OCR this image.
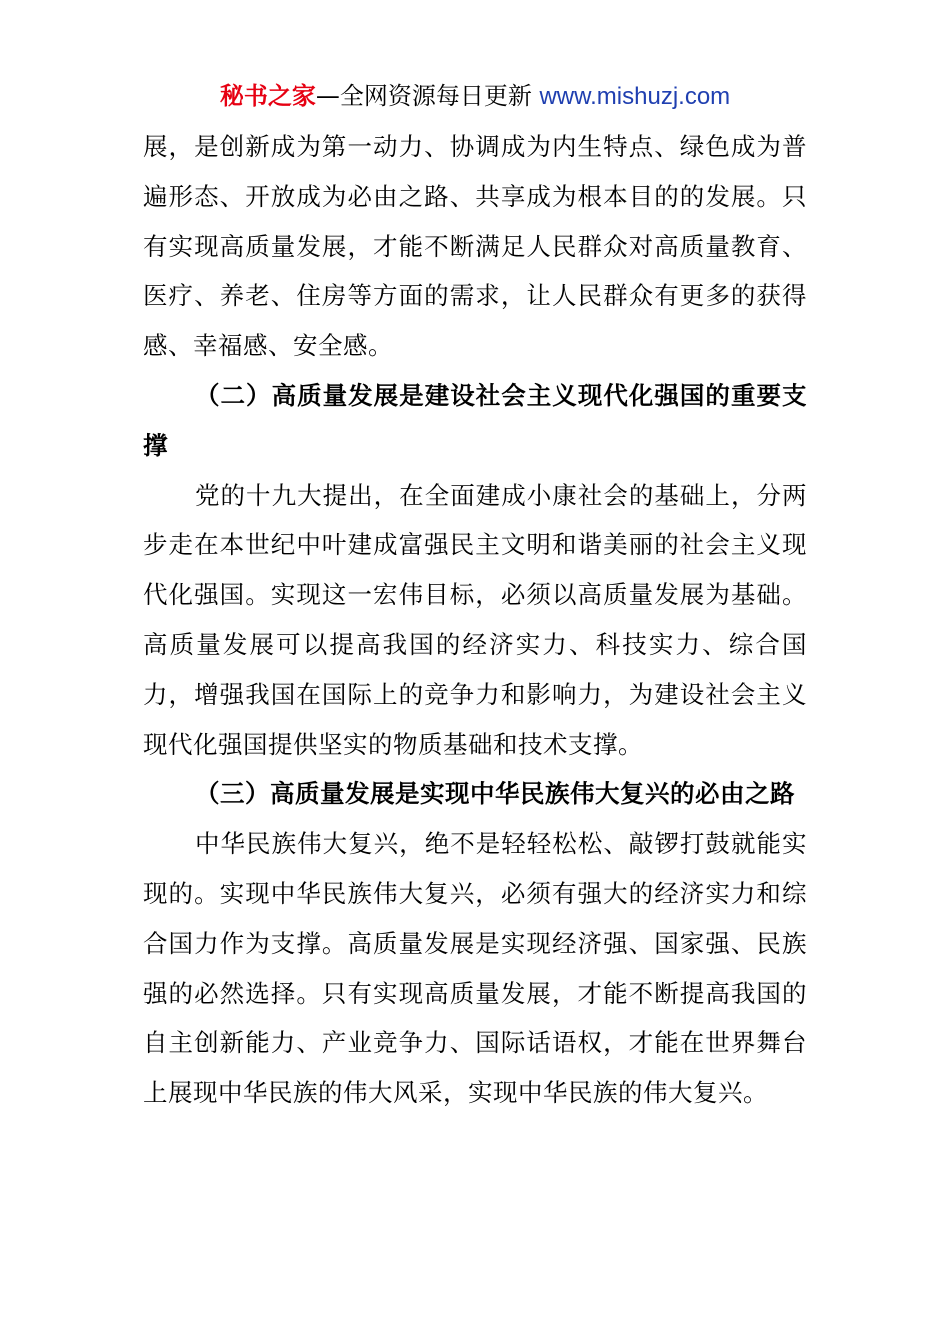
秘书之家—全网资源每日更新 www.mishuzj.com

展，是创新成为第一动力、协调成为内生特点、绿色成为普遍形态、开放成为必由之路、共享成为根本目的的发展。只有实现高质量发展，才能不断满足人民群众对高质量教育、医疗、养老、住房等方面的需求，让人民群众有更多的获得感、幸福感、安全感。

（二）高质量发展是建设社会主义现代化强国的重要支撑

党的十九大提出，在全面建成小康社会的基础上，分两步走在本世纪中叶建成富强民主文明和谐美丽的社会主义现代化强国。实现这一宏伟目标，必须以高质量发展为基础。高质量发展可以提高我国的经济实力、科技实力、综合国力，增强我国在国际上的竞争力和影响力，为建设社会主义现代化强国提供坚实的物质基础和技术支撑。

（三）高质量发展是实现中华民族伟大复兴的必由之路

中华民族伟大复兴，绝不是轻轻松松、敲锣打鼓就能实现的。实现中华民族伟大复兴，必须有强大的经济实力和综合国力作为支撑。高质量发展是实现经济强、国家强、民族强的必然选择。只有实现高质量发展，才能不断提高我国的自主创新能力、产业竞争力、国际话语权，才能在世界舞台上展现中华民族的伟大风采，实现中华民族的伟大复兴。
